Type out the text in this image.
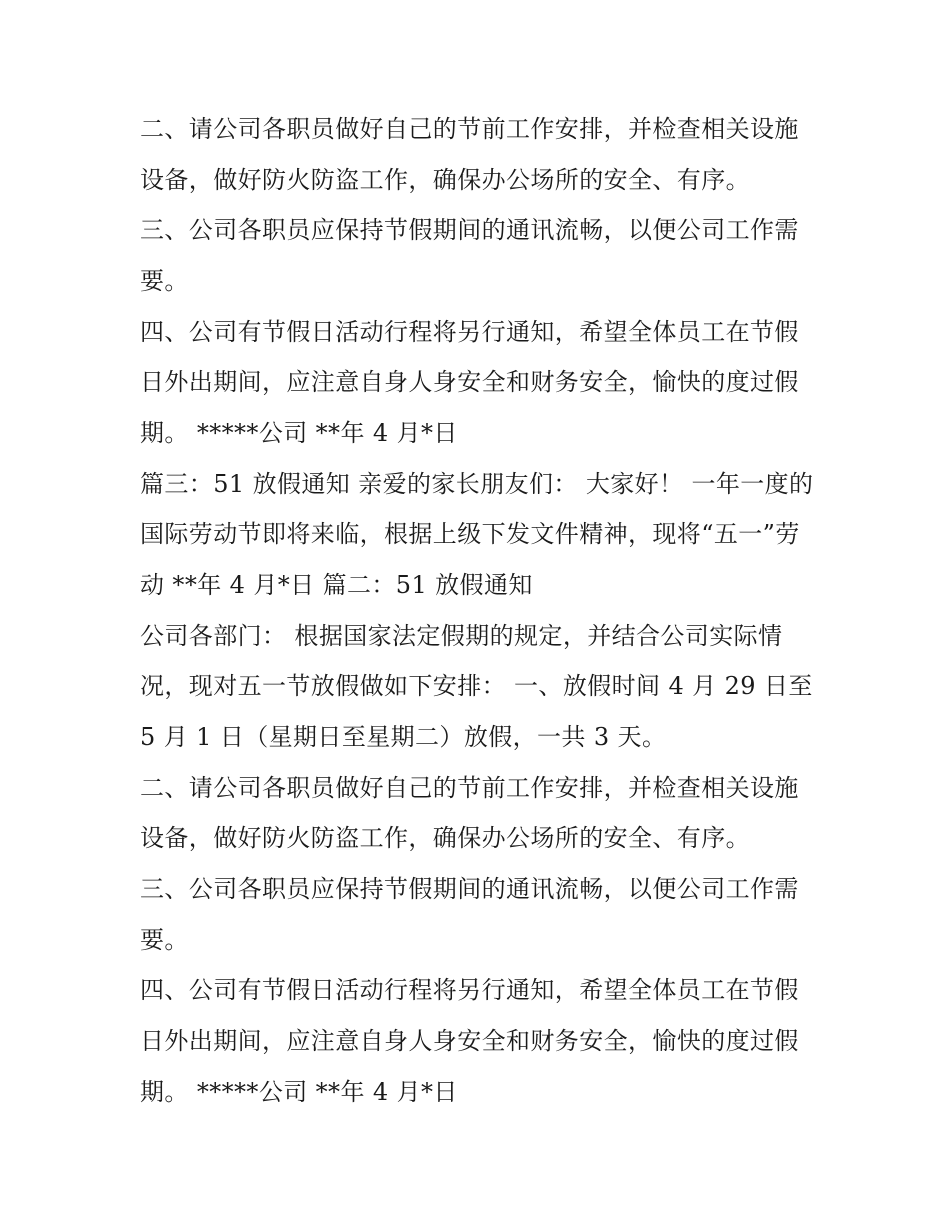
二、请公司各职员做好自己的节前工作安排，并检查相关设施
设备，做好防火防盗工作，确保办公场所的安全、有序。
三、公司各职员应保持节假期间的通讯流畅，以便公司工作需
要。
四、公司有节假日活动行程将另行通知，希望全体员工在节假
日外出期间，应注意自身人身安全和财务安全，愉快的度过假
期。 *****公司 **年 4 月*日
篇三：51 放假通知 亲爱的家长朋友们： 大家好！ 一年一度的
国际劳动节即将来临，根据上级下发文件精神，现将“五一”劳
动 **年 4 月*日 篇二：51 放假通知
公司各部门： 根据国家法定假期的规定，并结合公司实际情
况，现对五一节放假做如下安排： 一、放假时间 4 月 29 日至
5 月 1 日（星期日至星期二）放假，一共 3 天。
二、请公司各职员做好自己的节前工作安排，并检查相关设施
设备，做好防火防盗工作，确保办公场所的安全、有序。
三、公司各职员应保持节假期间的通讯流畅，以便公司工作需
要。
四、公司有节假日活动行程将另行通知，希望全体员工在节假
日外出期间，应注意自身人身安全和财务安全，愉快的度过假
期。 *****公司 **年 4 月*日
